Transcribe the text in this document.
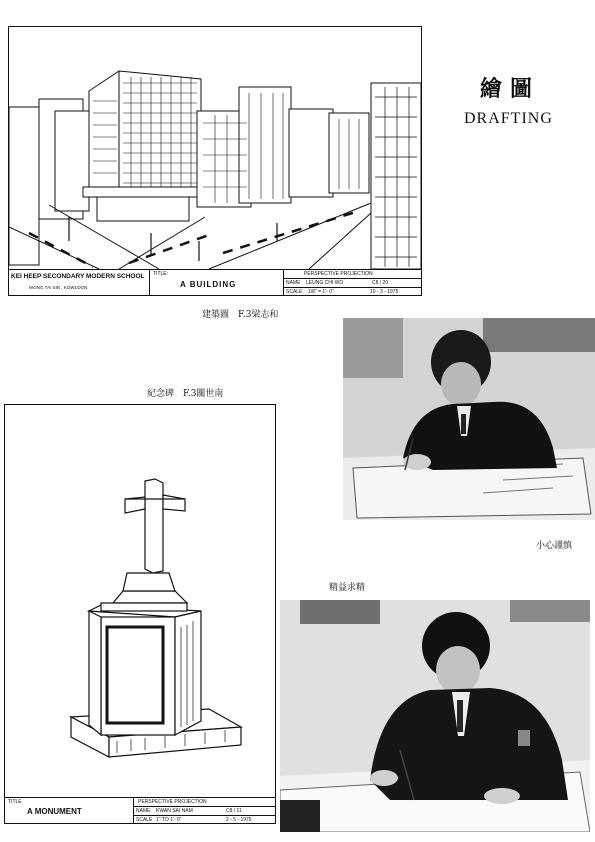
繪圖
DRAFTING
KEI HEEP SECONDARY MODERN SCHOOL
WONG TAI SIN , KOWLOON
TITLE:
A BUILDING
PERSPECTIVE PROJECTION
NAME LEUNG CHI WO	C8 / 20
SCALE 1/8" = 1'- 0"	10 - 3 - 1975
建築圖　F.3梁志和
小心謹慎
紀念碑　F.3關世南
TITLE
A MONUMENT
PERSPECTIVE PROJECTION
NAME KWAN SAI NAM	C8 / 11
SCALE 1" TO 1'- 0"	2 - 5 - 1975
精益求精
